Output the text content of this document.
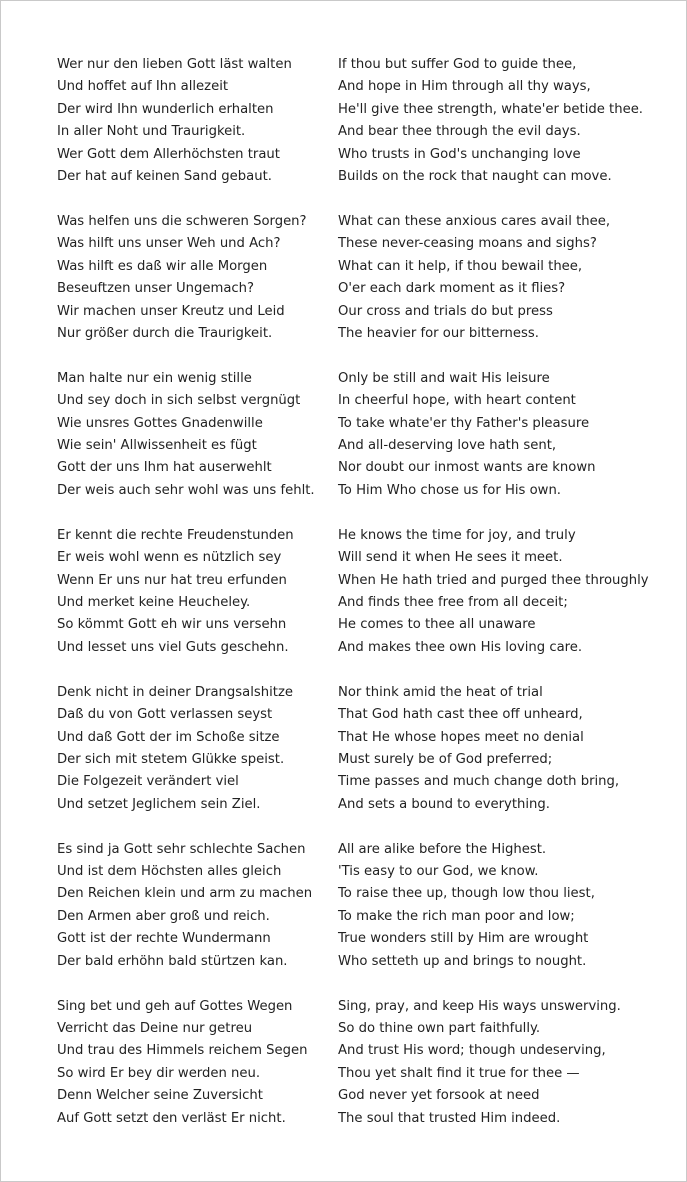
Wer nur den lieben Gott läst walten
Und hoffet auf Ihn allezeit
Der wird Ihn wunderlich erhalten
In aller Noht und Traurigkeit.
Wer Gott dem Allerhöchsten traut
Der hat auf keinen Sand gebaut.
If thou but suffer God to guide thee,
And hope in Him through all thy ways,
He'll give thee strength, whate'er betide thee.
And bear thee through the evil days.
Who trusts in God's unchanging love
Builds on the rock that naught can move.
Was helfen uns die schweren Sorgen?
Was hilft uns unser Weh und Ach?
Was hilft es daß wir alle Morgen
Beseuftzen unser Ungemach?
Wir machen unser Kreutz und Leid
Nur größer durch die Traurigkeit.
What can these anxious cares avail thee,
These never-ceasing moans and sighs?
What can it help, if thou bewail thee,
O'er each dark moment as it flies?
Our cross and trials do but press
The heavier for our bitterness.
Man halte nur ein wenig stille
Und sey doch in sich selbst vergnügt
Wie unsres Gottes Gnadenwille
Wie sein' Allwissenheit es fügt
Gott der uns Ihm hat auserwehlt
Der weis auch sehr wohl was uns fehlt.
Only be still and wait His leisure
In cheerful hope, with heart content
To take whate'er thy Father's pleasure
And all-deserving love hath sent,
Nor doubt our inmost wants are known
To Him Who chose us for His own.
Er kennt die rechte Freudenstunden
Er weis wohl wenn es nützlich sey
Wenn Er uns nur hat treu erfunden
Und merket keine Heucheley.
So kömmt Gott eh wir uns versehn
Und lesset uns viel Guts geschehn.
He knows the time for joy, and truly
Will send it when He sees it meet.
When He hath tried and purged thee throughly
And finds thee free from all deceit;
He comes to thee all unaware
And makes thee own His loving care.
Denk nicht in deiner Drangsalshitze
Daß du von Gott verlassen seyst
Und daß Gott der im Schoße sitze
Der sich mit stetem Glükke speist.
Die Folgezeit verändert viel
Und setzet Jeglichem sein Ziel.
Nor think amid the heat of trial
That God hath cast thee off unheard,
That He whose hopes meet no denial
Must surely be of God preferred;
Time passes and much change doth bring,
And sets a bound to everything.
Es sind ja Gott sehr schlechte Sachen
Und ist dem Höchsten alles gleich
Den Reichen klein und arm zu machen
Den Armen aber groß und reich.
Gott ist der rechte Wundermann
Der bald erhöhn bald stürtzen kan.
All are alike before the Highest.
'Tis easy to our God, we know.
To raise thee up, though low thou liest,
To make the rich man poor and low;
True wonders still by Him are wrought
Who setteth up and brings to nought.
Sing bet und geh auf Gottes Wegen
Verricht das Deine nur getreu
Und trau des Himmels reichem Segen
So wird Er bey dir werden neu.
Denn Welcher seine Zuversicht
Auf Gott setzt den verläst Er nicht.
Sing, pray, and keep His ways unswerving.
So do thine own part faithfully.
And trust His word; though undeserving,
Thou yet shalt find it true for thee —
God never yet forsook at need
The soul that trusted Him indeed.
